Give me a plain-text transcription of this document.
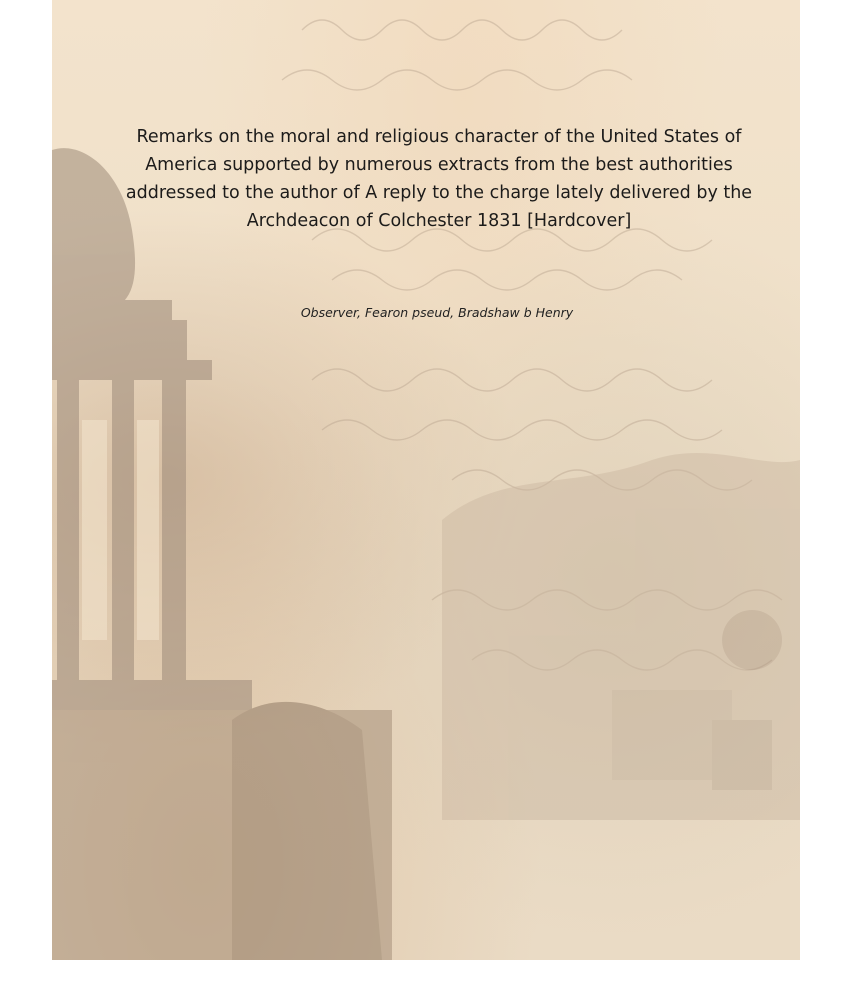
Remarks on the moral and religious character of the United States of America supported by numerous extracts from the best authorities addressed to the author of A reply to the charge lately delivered by the Archdeacon of Colchester 1831 [Hardcover]

Observer, Fearon pseud, Bradshaw b Henry
